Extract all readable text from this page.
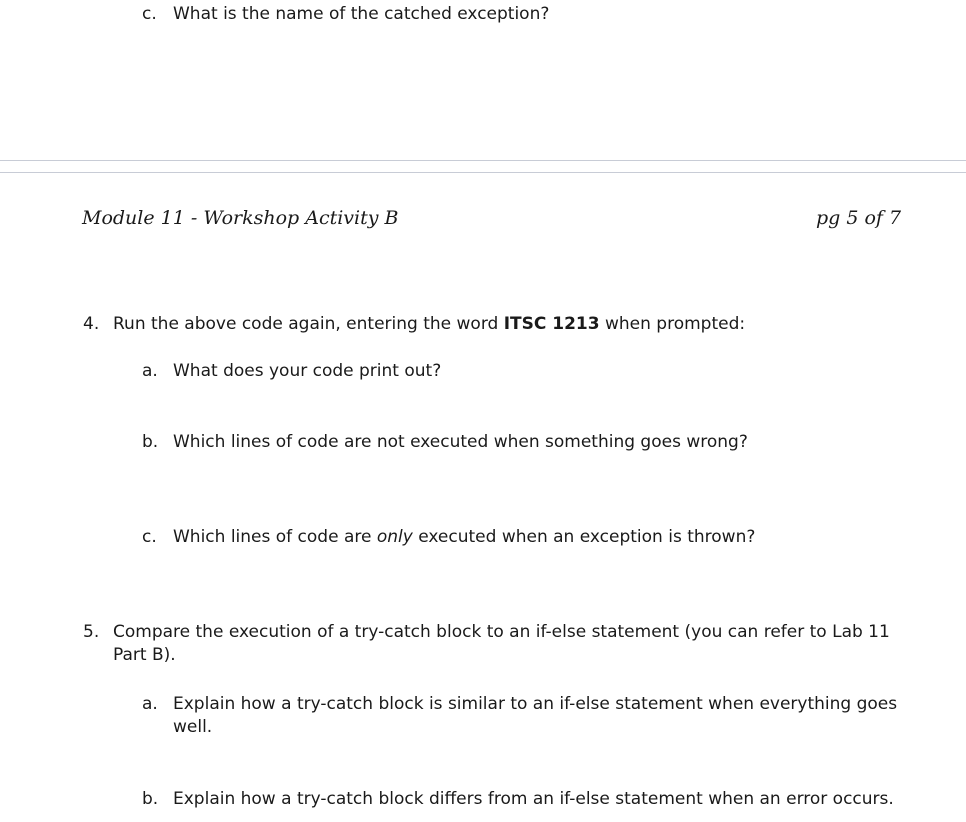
c. What is the name of the catched exception?
Module 11 - Workshop Activity B	pg 5 of 7
4. Run the above code again, entering the word ITSC 1213 when prompted:
a. What does your code print out?
b. Which lines of code are not executed when something goes wrong?
c. Which lines of code are only executed when an exception is thrown?
5. Compare the execution of a try-catch block to an if-else statement (you can refer to Lab 11 Part B).
a. Explain how a try-catch block is similar to an if-else statement when everything goes well.
b. Explain how a try-catch block differs from an if-else statement when an error occurs.
